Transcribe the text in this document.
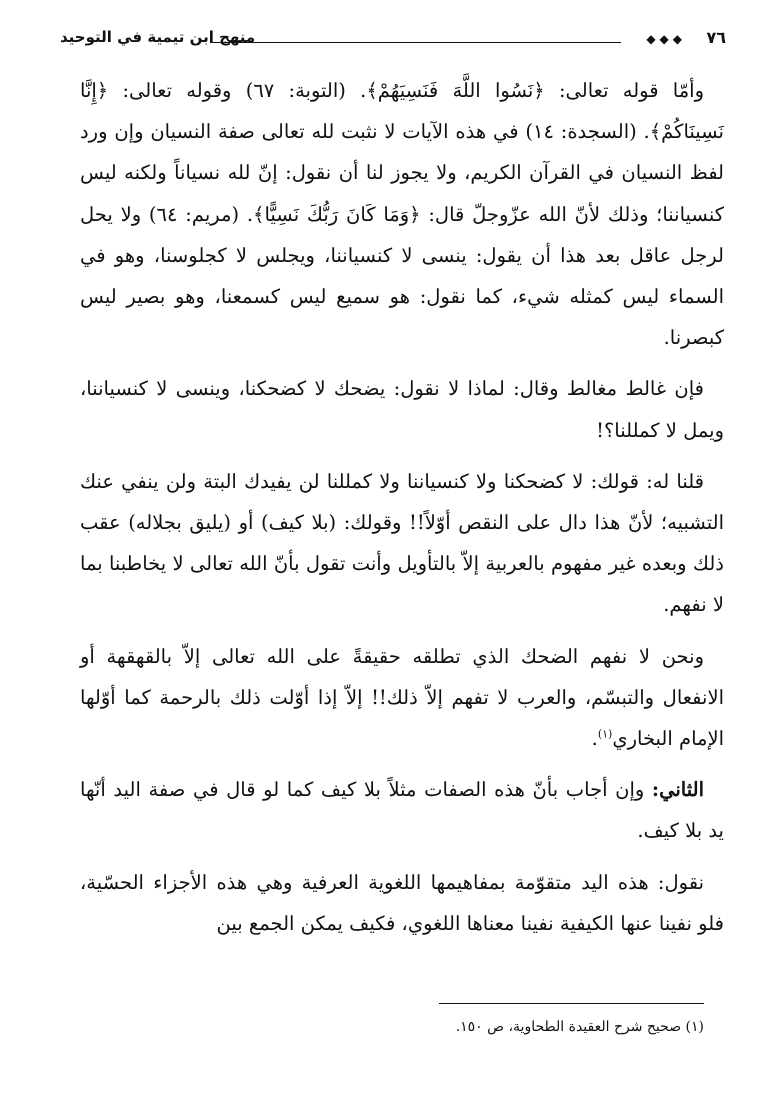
منهج ابن تيمية في التوحيد	◆◆◆ ٧٦

وأمّا قوله تعالى: ﴿نَسُوا اللَّهَ فَنَسِيَهُمْ﴾. (التوبة: ٦٧) وقوله تعالى: ﴿إِنَّا نَسِينَاكُمْ﴾. (السجدة: ١٤) في هذه الآيات لا نثبت لله تعالى صفة النسيان وإن ورد لفظ النسيان في القرآن الكريم، ولا يجوز لنا أن نقول: إنّ لله نسياناً ولكنه ليس كنسياننا؛ وذلك لأنّ الله عزّوجلّ قال: ﴿وَمَا كَانَ رَبُّكَ نَسِيًّا﴾. (مريم: ٦٤) ولا يحل لرجل عاقل بعد هذا أن يقول: ينسى لا كنسياننا، ويجلس لا كجلوسنا، وهو في السماء ليس كمثله شيء، كما نقول: هو سميع ليس كسمعنا، وهو بصير ليس كبصرنا.

فإن غالط مغالط وقال: لماذا لا نقول: يضحك لا كضحكنا، وينسى لا كنسياننا، ويمل لا كمللنا؟!

قلنا له: قولك: لا كضحكنا ولا كنسياننا ولا كمللنا لن يفيدك البتة ولن ينفي عنك التشبيه؛ لأنّ هذا دال على النقص أوّلاً!! وقولك: (بلا كيف) أو (يليق بجلاله) عقب ذلك وبعده غير مفهوم بالعربية إلاّ بالتأويل وأنت تقول بأنّ الله تعالى لا يخاطبنا بما لا نفهم.

ونحن لا نفهم الضحك الذي تطلقه حقيقةً على الله تعالى إلاّ بالقهقهة أو الانفعال والتبسّم، والعرب لا تفهم إلاّ ذلك!! إلاّ إذا أوّلت ذلك بالرحمة كما أوّلها الإمام البخاري$^{(١)}$.

الثاني: وإن أجاب بأنّ هذه الصفات مثلاً بلا كيف كما لو قال في صفة اليد أنّها يد بلا كيف.

نقول: هذه اليد متقوّمة بمفاهيمها اللغوية العرفية وهي هذه الأجزاء الحسّية، فلو نفينا عنها الكيفية نفينا معناها اللغوي، فكيف يمكن الجمع بين

(١) صحيح شرح العقيدة الطحاوية، ص ١٥٠.
